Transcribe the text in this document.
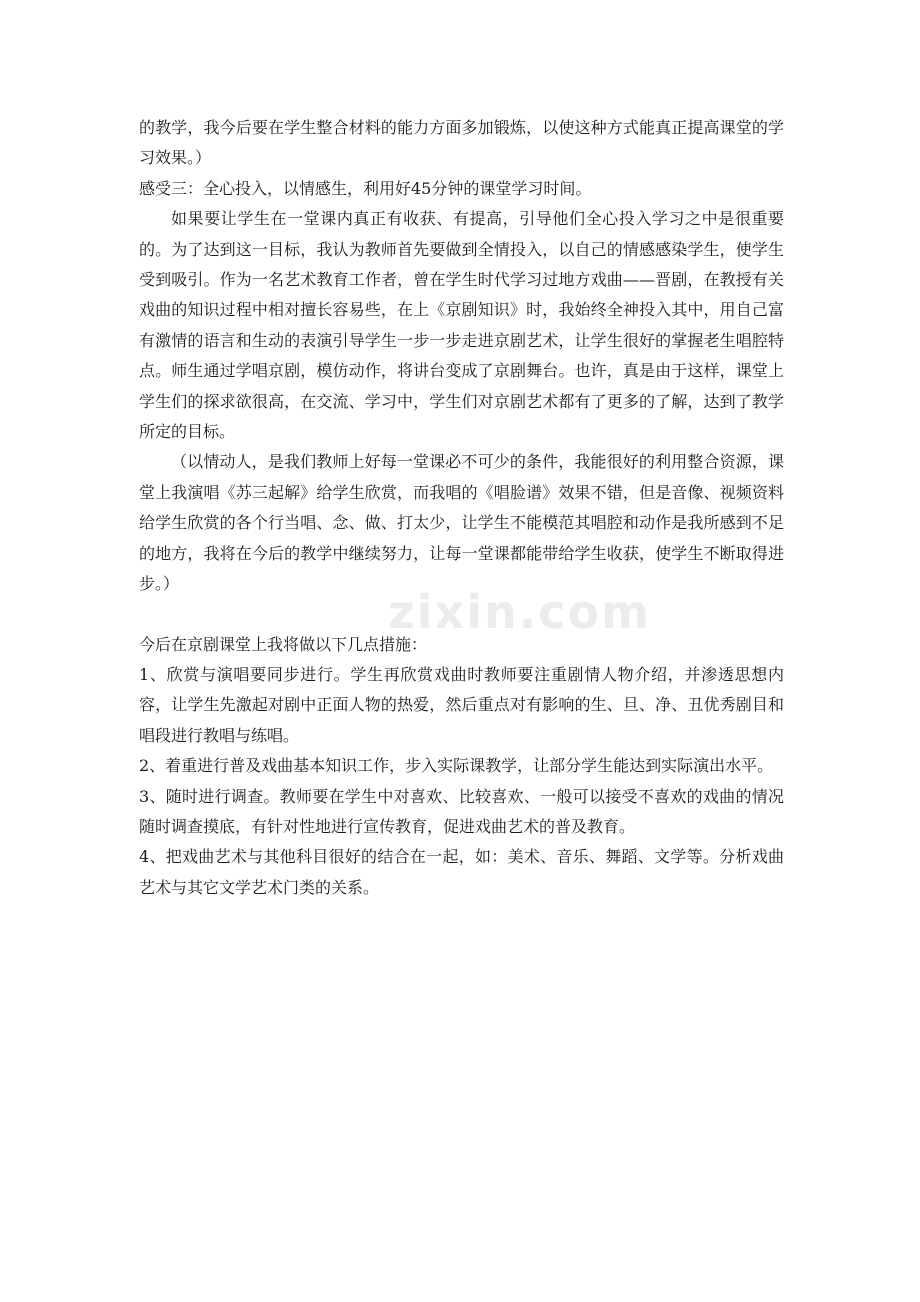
的教学，我今后要在学生整合材料的能力方面多加锻炼，以使这种方式能真正提高课堂的学习效果。）

感受三：全心投入，以情感生，利用好45分钟的课堂学习时间。

如果要让学生在一堂课内真正有收获、有提高，引导他们全心投入学习之中是很重要的。为了达到这一目标，我认为教师首先要做到全情投入，以自己的情感感染学生，使学生受到吸引。作为一名艺术教育工作者，曾在学生时代学习过地方戏曲——晋剧，在教授有关戏曲的知识过程中相对擅长容易些，在上《京剧知识》时，我始终全神投入其中，用自己富有激情的语言和生动的表演引导学生一步一步走进京剧艺术，让学生很好的掌握老生唱腔特点。师生通过学唱京剧，模仿动作，将讲台变成了京剧舞台。也许，真是由于这样，课堂上学生们的探求欲很高，在交流、学习中，学生们对京剧艺术都有了更多的了解，达到了教学所定的目标。

（以情动人，是我们教师上好每一堂课必不可少的条件，我能很好的利用整合资源，课堂上我演唱《苏三起解》给学生欣赏，而我唱的《唱脸谱》效果不错，但是音像、视频资料给学生欣赏的各个行当唱、念、做、打太少，让学生不能模范其唱腔和动作是我所感到不足的地方，我将在今后的教学中继续努力，让每一堂课都能带给学生收获，使学生不断取得进步。）

今后在京剧课堂上我将做以下几点措施：

1、欣赏与演唱要同步进行。学生再欣赏戏曲时教师要注重剧情人物介绍，并渗透思想内容，让学生先激起对剧中正面人物的热爱，然后重点对有影响的生、旦、净、丑优秀剧目和唱段进行教唱与练唱。

2、着重进行普及戏曲基本知识工作，步入实际课教学，让部分学生能达到实际演出水平。

3、随时进行调查。教师要在学生中对喜欢、比较喜欢、一般可以接受不喜欢的戏曲的情况随时调查摸底，有针对性地进行宣传教育，促进戏曲艺术的普及教育。

4、把戏曲艺术与其他科目很好的结合在一起，如：美术、音乐、舞蹈、文学等。分析戏曲艺术与其它文学艺术门类的关系。

zixin.com
